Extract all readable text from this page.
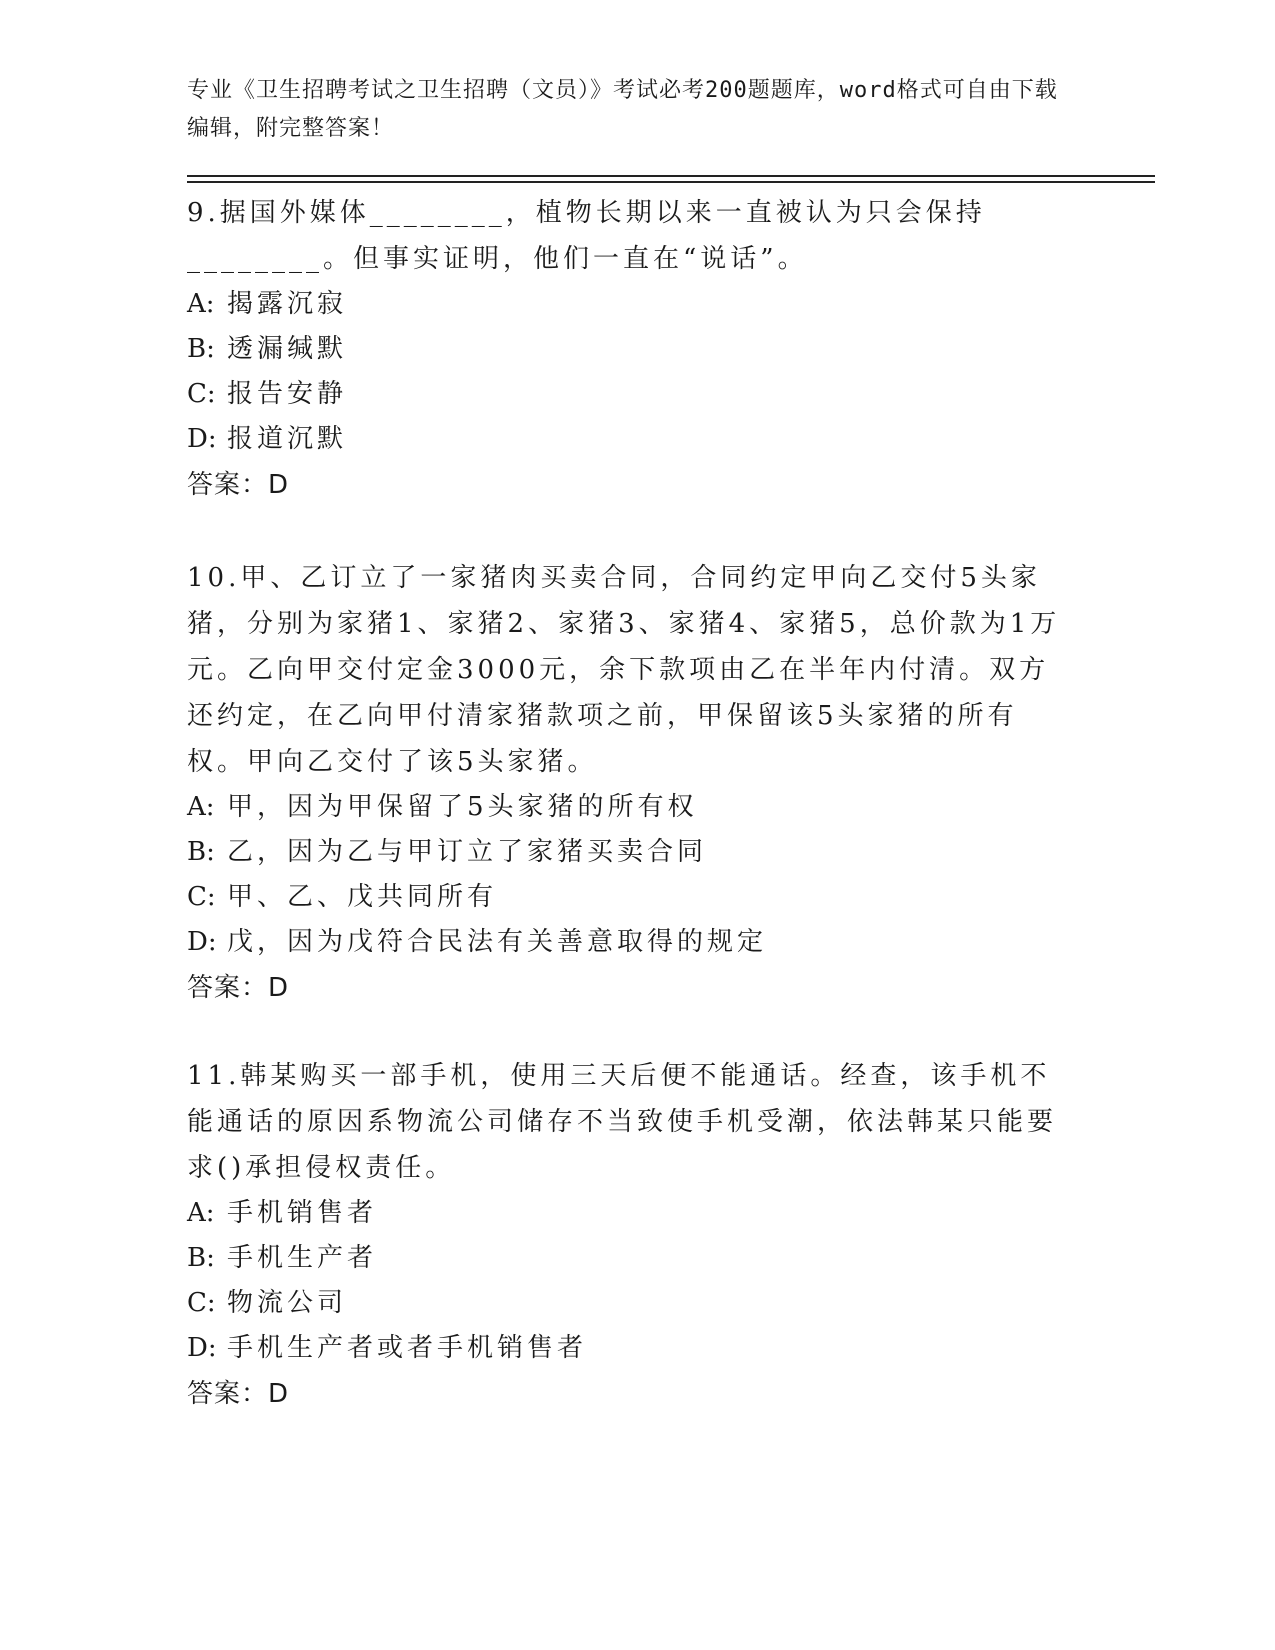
专业《卫生招聘考试之卫生招聘（文员）》考试必考200题题库，word格式可自由下载编辑，附完整答案！

9.据国外媒体________，植物长期以来一直被认为只会保持________。但事实证明，他们一直在“说话”。

A: 揭露沉寂

B: 透漏缄默

C: 报告安静

D: 报道沉默

答案：D

10.甲、乙订立了一家猪肉买卖合同，合同约定甲向乙交付5头家猪，分别为家猪1、家猪2、家猪3、家猪4、家猪5，总价款为1万元。乙向甲交付定金3000元，余下款项由乙在半年内付清。双方还约定，在乙向甲付清家猪款项之前，甲保留该5头家猪的所有权。甲向乙交付了该5头家猪。

A: 甲，因为甲保留了5头家猪的所有权

B: 乙，因为乙与甲订立了家猪买卖合同

C: 甲、乙、戊共同所有

D: 戊，因为戊符合民法有关善意取得的规定

答案：D

11.韩某购买一部手机，使用三天后便不能通话。经查，该手机不能通话的原因系物流公司储存不当致使手机受潮，依法韩某只能要求()承担侵权责任。

A: 手机销售者

B: 手机生产者

C: 物流公司

D: 手机生产者或者手机销售者

答案：D
